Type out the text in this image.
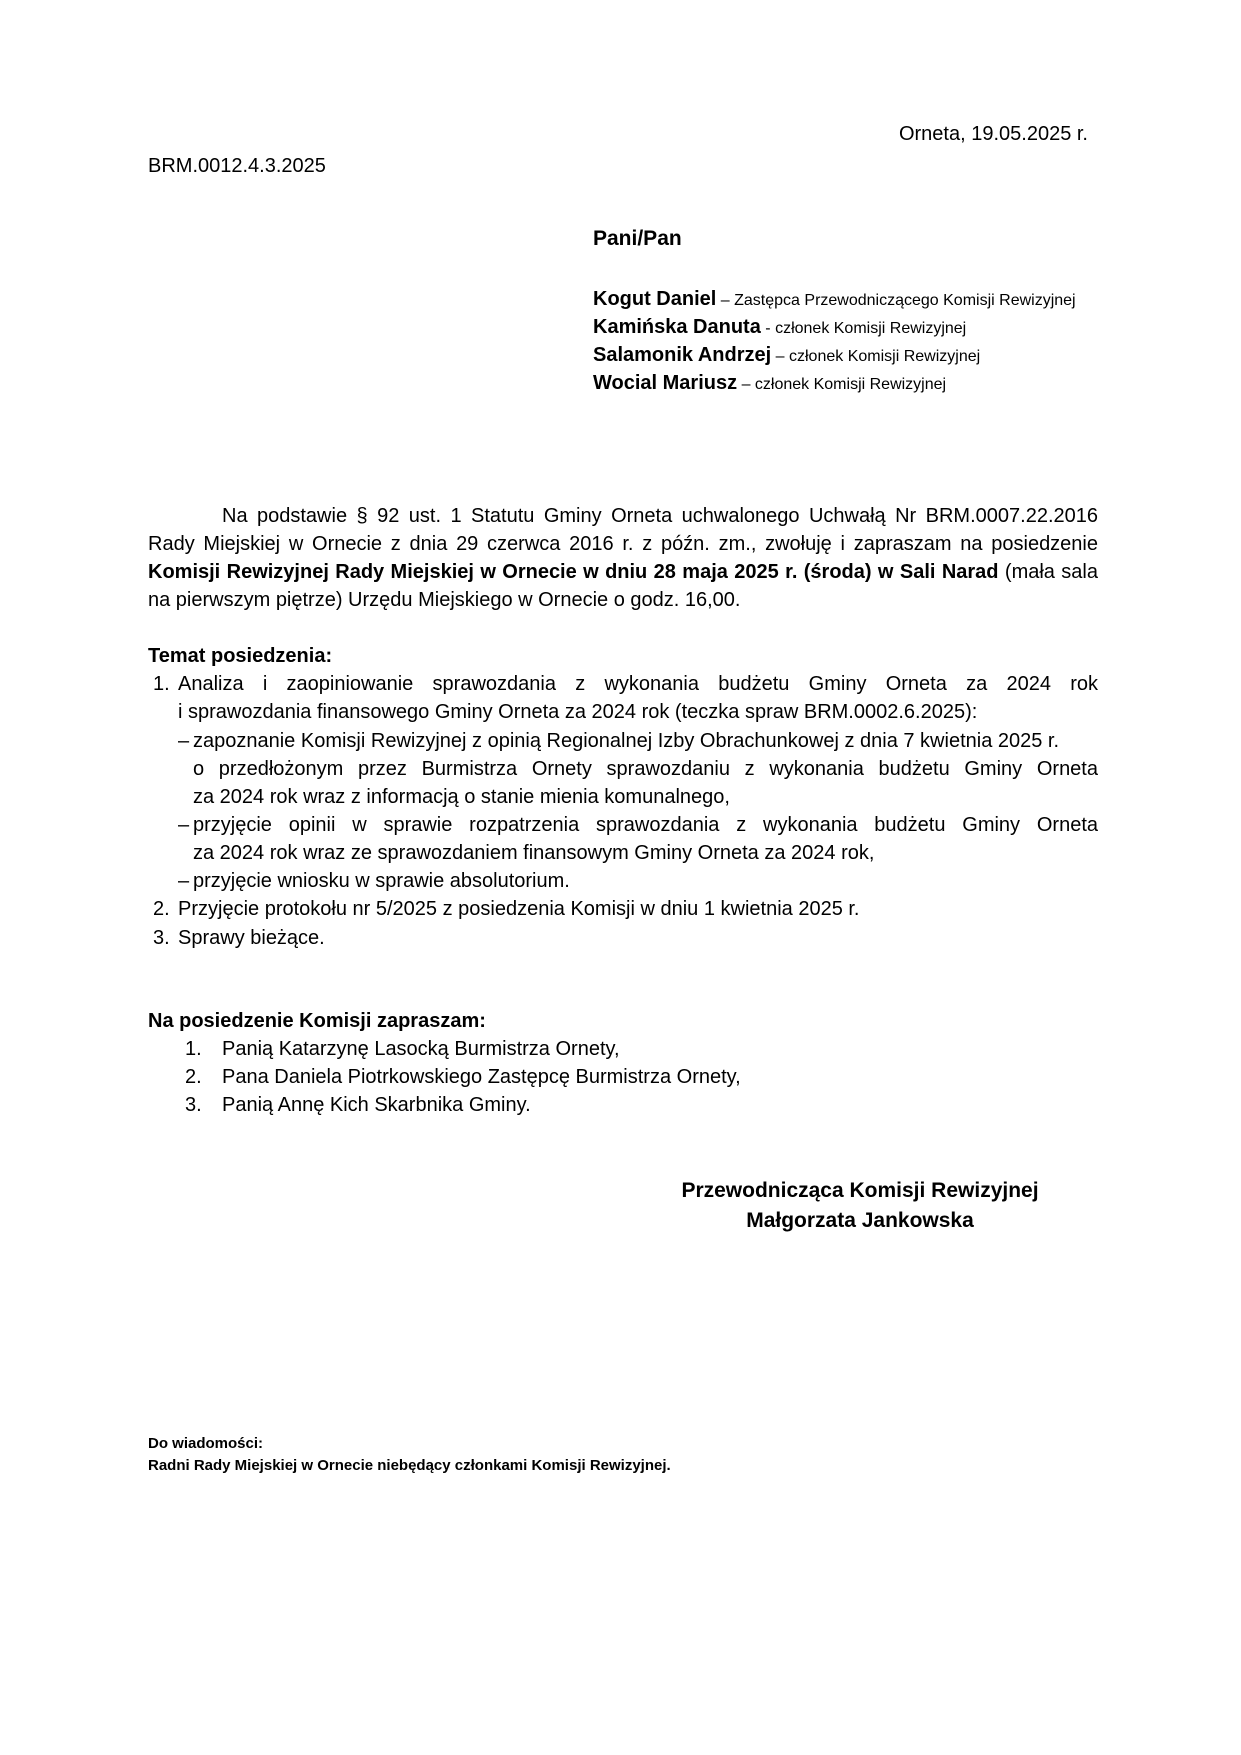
Orneta, 19.05.2025 r.
BRM.0012.4.3.2025
Pani/Pan
Kogut Daniel – Zastępca Przewodniczącego Komisji Rewizyjnej
Kamińska Danuta - członek Komisji Rewizyjnej
Salamonik Andrzej – członek Komisji Rewizyjnej
Wocial Mariusz – członek Komisji Rewizyjnej
Na podstawie § 92 ust. 1 Statutu Gminy Orneta uchwalonego Uchwałą Nr BRM.0007.22.2016
Rady Miejskiej w Ornecie z dnia 29 czerwca 2016 r. z późn. zm., zwołuję i zapraszam na posiedzenie
Komisji Rewizyjnej Rady Miejskiej w Ornecie w dniu 28 maja 2025 r. (środa) w Sali Narad (mała sala
na pierwszym piętrze) Urzędu Miejskiego w Ornecie o godz. 16,00.
Temat posiedzenia:
1. Analiza i zaopiniowanie sprawozdania z wykonania budżetu Gminy Orneta za 2024 rok
i sprawozdania finansowego Gminy Orneta za 2024 rok (teczka spraw BRM.0002.6.2025):
– zapoznanie Komisji Rewizyjnej z opinią Regionalnej Izby Obrachunkowej z dnia 7 kwietnia 2025 r.
o przedłożonym przez Burmistrza Ornety sprawozdaniu z wykonania budżetu Gminy Orneta
za 2024 rok wraz z informacją o stanie mienia komunalnego,
– przyjęcie opinii w sprawie rozpatrzenia sprawozdania z wykonania budżetu Gminy Orneta
za 2024 rok wraz ze sprawozdaniem finansowym Gminy Orneta za 2024 rok,
– przyjęcie wniosku w sprawie absolutorium.
2. Przyjęcie protokołu nr 5/2025 z posiedzenia Komisji w dniu 1 kwietnia 2025 r.
3. Sprawy bieżące.
Na posiedzenie Komisji zapraszam:
1. Panią Katarzynę Lasocką Burmistrza Ornety,
2. Pana Daniela Piotrkowskiego Zastępcę Burmistrza Ornety,
3. Panią Annę Kich Skarbnika Gminy.
Przewodnicząca Komisji Rewizyjnej
Małgorzata Jankowska
Do wiadomości:
Radni Rady Miejskiej w Ornecie niebędący członkami Komisji Rewizyjnej.
